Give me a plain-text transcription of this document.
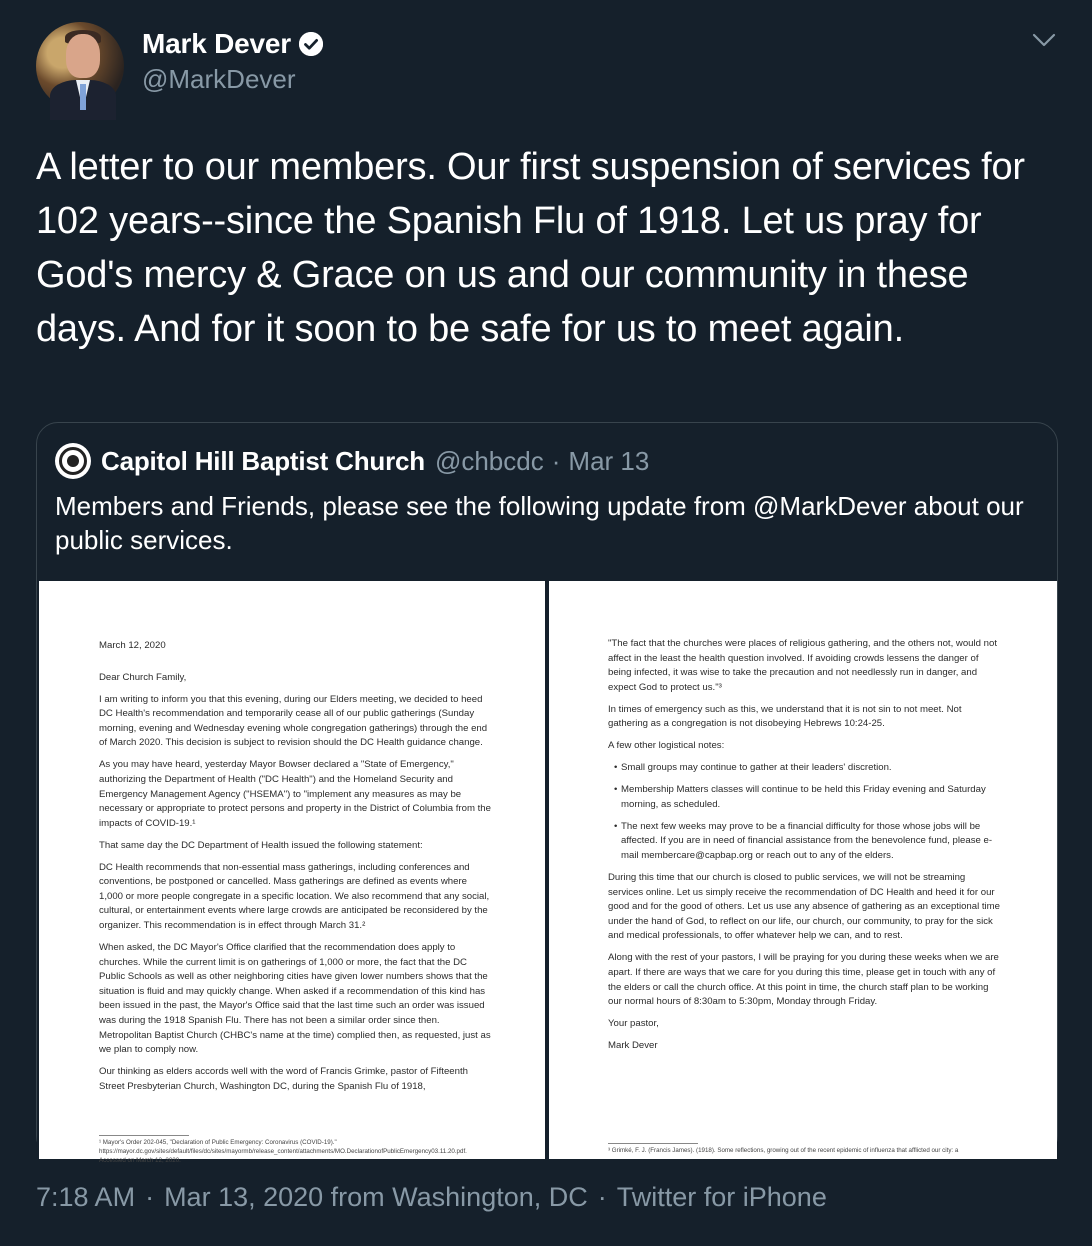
Mark Dever
@MarkDever
A letter to our members. Our first suspension of services for 102 years--since the Spanish Flu of 1918. Let us pray for God's mercy & Grace on us and our community in these days. And for it soon to be safe for us to meet again.
Capitol Hill Baptist Church @chbcdc · Mar 13
Members and Friends, please see the following update from @MarkDever about our public services.

March 12, 2020

Dear Church Family,

I am writing to inform you that this evening, during our Elders meeting, we decided to heed DC Health's recommendation and temporarily cease all of our public gatherings (Sunday morning, evening and Wednesday evening whole congregation gatherings) through the end of March 2020. This decision is subject to revision should the DC Health guidance change.

As you may have heard, yesterday Mayor Bowser declared a "State of Emergency," authorizing the Department of Health ("DC Health") and the Homeland Security and Emergency Management Agency ("HSEMA") to "implement any measures as may be necessary or appropriate to protect persons and property in the District of Columbia from the impacts of COVID-19.¹

That same day the DC Department of Health issued the following statement:

DC Health recommends that non-essential mass gatherings, including conferences and conventions, be postponed or cancelled. Mass gatherings are defined as events where 1,000 or more people congregate in a specific location. We also recommend that any social, cultural, or entertainment events where large crowds are anticipated be reconsidered by the organizer. This recommendation is in effect through March 31.²

When asked, the DC Mayor's Office clarified that the recommendation does apply to churches. While the current limit is on gatherings of 1,000 or more, the fact that the DC Public Schools as well as other neighboring cities have given lower numbers shows that the situation is fluid and may quickly change. When asked if a recommendation of this kind has been issued in the past, the Mayor's Office said that the last time such an order was issued was during the 1918 Spanish Flu. There has not been a similar order since then. Metropolitan Baptist Church (CHBC's name at the time) complied then, as requested, just as we plan to comply now.

Our thinking as elders accords well with the word of Francis Grimke, pastor of Fifteenth Street Presbyterian Church, Washington DC, during the Spanish Flu of 1918,

¹ Mayor's Order 202-045, "Declaration of Public Emergency: Coronavirus (COVID-19)." https://mayor.dc.gov/sites/default/files/dc/sites/mayormb/release_content/attachments/MO.DeclarationofPublicEmergency03.11.20.pdf. Accessed on March 12, 2020.

"The fact that the churches were places of religious gathering, and the others not, would not affect in the least the health question involved. If avoiding crowds lessens the danger of being infected, it was wise to take the precaution and not needlessly run in danger, and expect God to protect us."³

In times of emergency such as this, we understand that it is not sin to not meet. Not gathering as a congregation is not disobeying Hebrews 10:24-25.

A few other logistical notes:

• Small groups may continue to gather at their leaders' discretion.
• Membership Matters classes will continue to be held this Friday evening and Saturday morning, as scheduled.
• The next few weeks may prove to be a financial difficulty for those whose jobs will be affected. If you are in need of financial assistance from the benevolence fund, please e-mail membercare@capbap.org or reach out to any of the elders.

During this time that our church is closed to public services, we will not be streaming services online. Let us simply receive the recommendation of DC Health and heed it for our good and for the good of others. Let us use any absence of gathering as an exceptional time under the hand of God, to reflect on our life, our church, our community, to pray for the sick and medical professionals, to offer whatever help we can, and to rest.

Along with the rest of your pastors, I will be praying for you during these weeks when we are apart. If there are ways that we care for you during this time, please get in touch with any of the elders or call the church office. At this point in time, the church staff plan to be working our normal hours of 8:30am to 5:30pm, Monday through Friday.

Your pastor,

Mark Dever

³ Grimké, F. J. (Francis James). (1918). Some reflections, growing out of the recent epidemic of influenza that afflicted our city: a
7:18 AM · Mar 13, 2020 from Washington, DC · Twitter for iPhone
